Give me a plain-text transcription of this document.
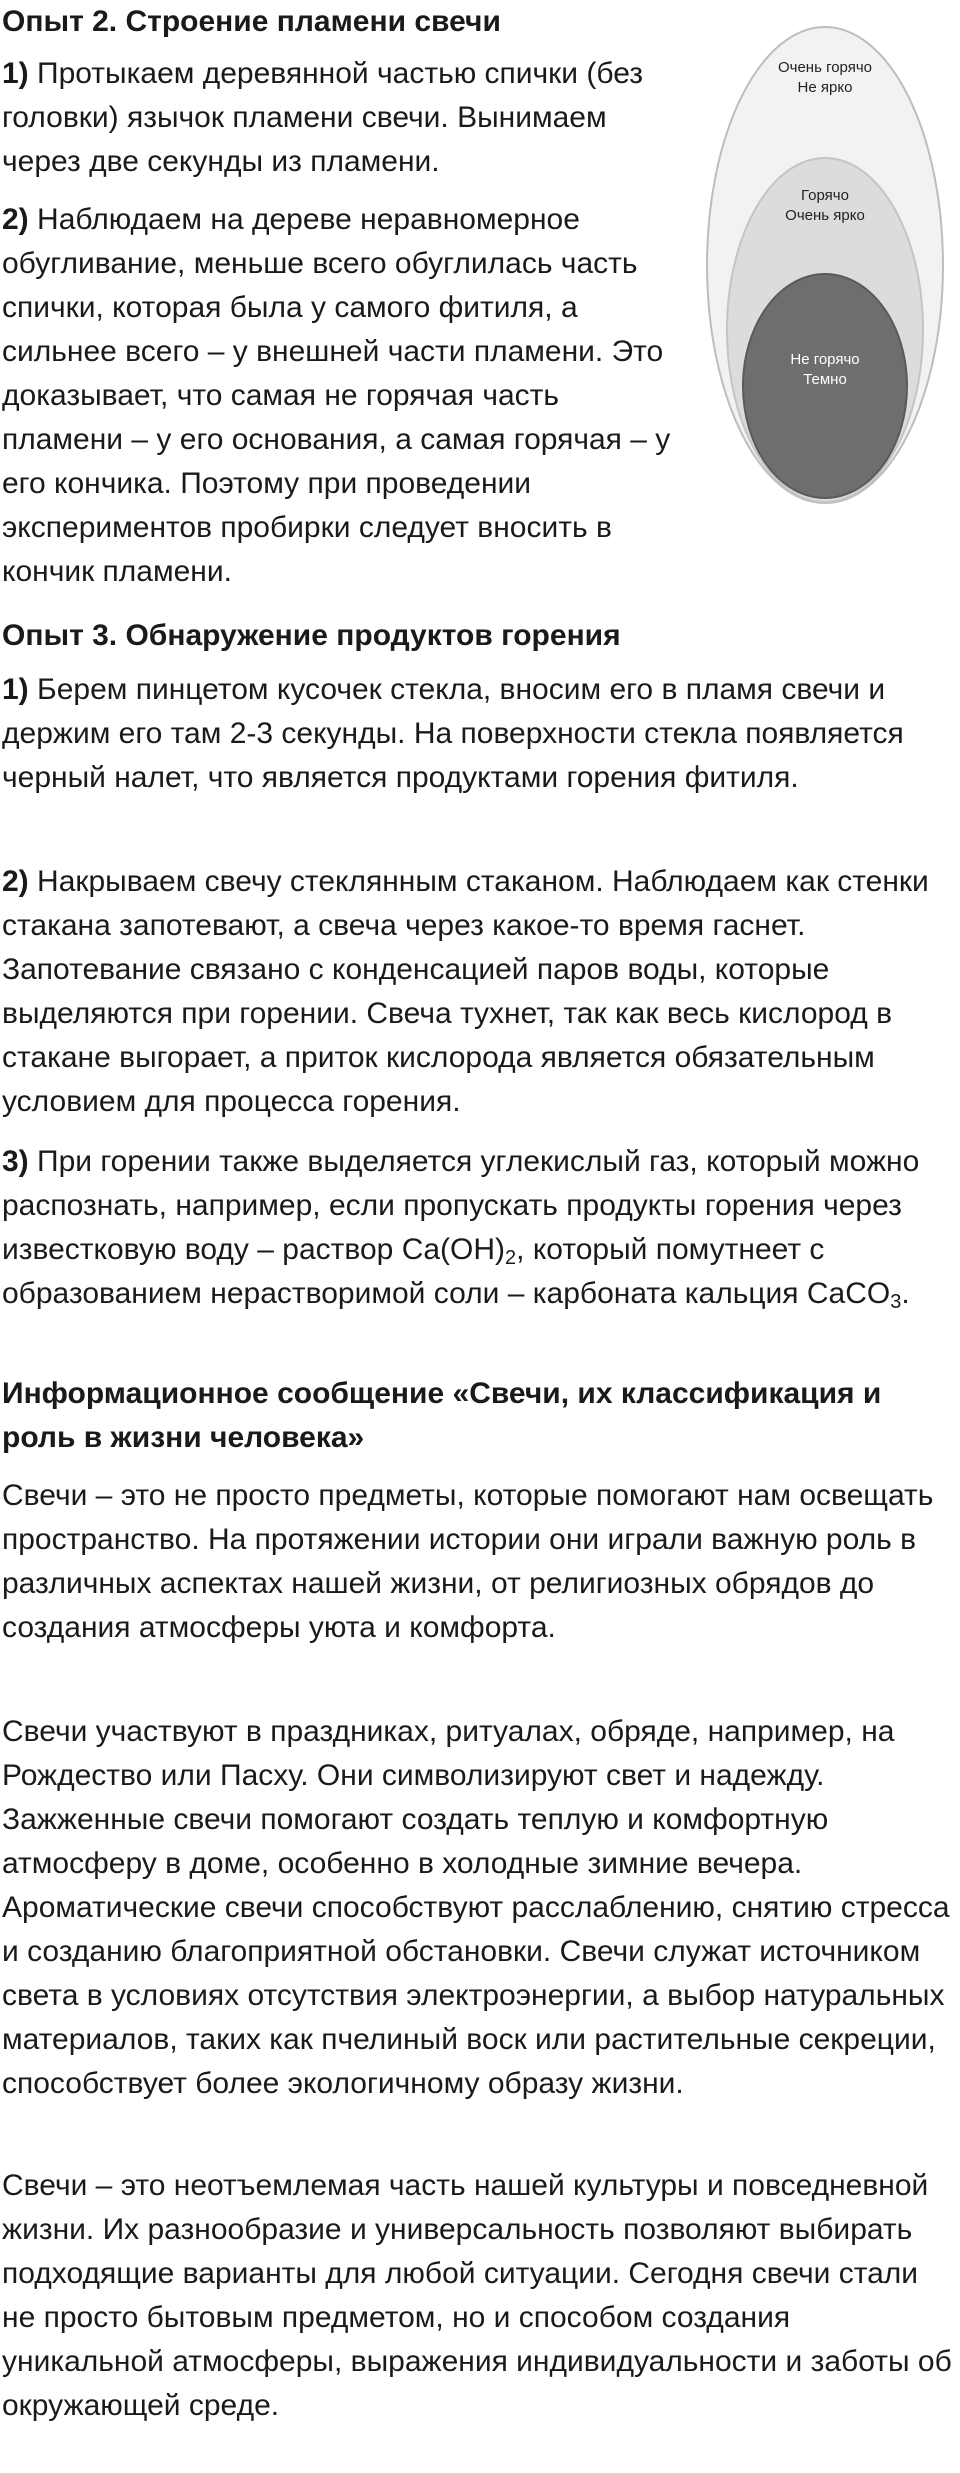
Опыт 2. Строение пламени свечи

1) Протыкаем деревянной частью спички (без головки) язычок пламени свечи. Вынимаем через две секунды из пламени.

2) Наблюдаем на дереве неравномерное обугливание, меньше всего обуглилась часть спички, которая была у самого фитиля, а сильнее всего – у внешней части пламени. Это доказывает, что самая не горячая часть пламени – у его основания, а самая горячая – у его кончика. Поэтому при проведении экспериментов пробирки следует вносить в кончик пламени.

Очень горячо
Не ярко
Горячо
Очень ярко
Не горячо
Темно
Опыт 3. Обнаружение продуктов горения

1) Берем пинцетом кусочек стекла, вносим его в пламя свечи и держим его там 2-3 секунды. На поверхности стекла появляется черный налет, что является продуктами горения фитиля.

2) Накрываем свечу стеклянным стаканом. Наблюдаем как стенки стакана запотевают, а свеча через какое-то время гаснет. Запотевание связано с конденсацией паров воды, которые выделяются при горении. Свеча тухнет, так как весь кислород в стакане выгорает, а приток кислорода является обязательным условием для процесса горения.

3) При горении также выделяется углекислый газ, который можно распознать, например, если пропускать продукты горения через известковую воду – раствор $Ca(OH)_2$, который помутнеет с образованием нерастворимой соли – карбоната кальция CaCO$_3$.

Информационное сообщение «Свечи, их классификация и роль в жизни человека»

Свечи – это не просто предметы, которые помогают нам освещать пространство. На протяжении истории они играли важную роль в различных аспектах нашей жизни, от религиозных обрядов до создания атмосферы уюта и комфорта.

Свечи участвуют в праздниках, ритуалах, обряде, например, на Рождество или Пасху. Они символизируют свет и надежду. Зажженные свечи помогают создать теплую и комфортную атмосферу в доме, особенно в холодные зимние вечера. Ароматические свечи способствуют расслаблению, снятию стресса и созданию благоприятной обстановки. Свечи служат источником света в условиях отсутствия электроэнергии, а выбор натуральных материалов, таких как пчелиный воск или растительные секреции, способствует более экологичному образу жизни.

Свечи – это неотъемлемая часть нашей культуры и повседневной жизни. Их разнообразие и универсальность позволяют выбирать подходящие варианты для любой ситуации. Сегодня свечи стали не просто бытовым предметом, но и способом создания уникальной атмосферы, выражения индивидуальности и заботы об окружающей среде.
